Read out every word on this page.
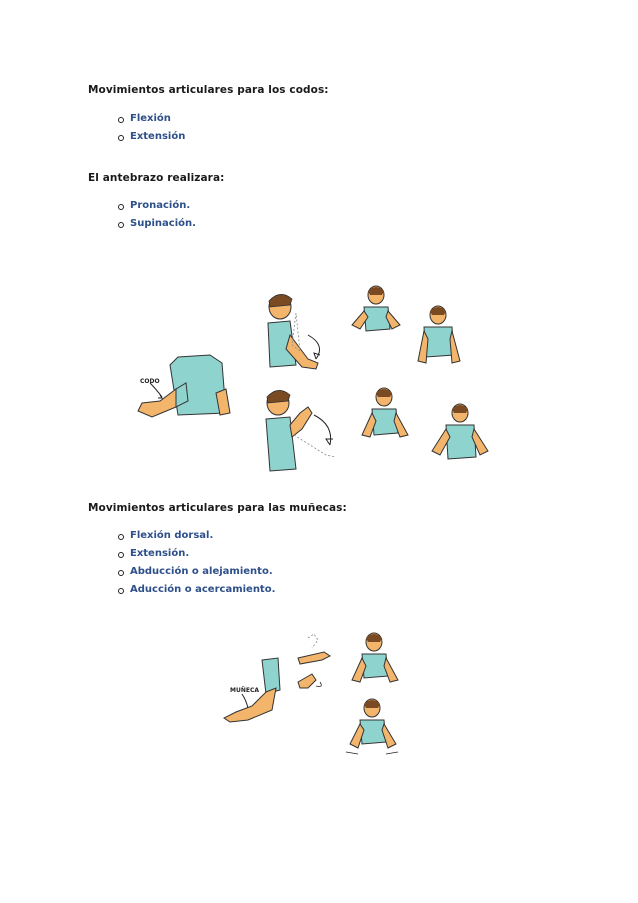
Movimientos articulares para los codos:
Flexión
Extensión
El antebrazo realizara:
Pronación.
Supinación.
CODO
Movimientos articulares para las muñecas:
Flexión dorsal.
Extensión.
Abducción o alejamiento.
Aducción o acercamiento.
MUÑECA
